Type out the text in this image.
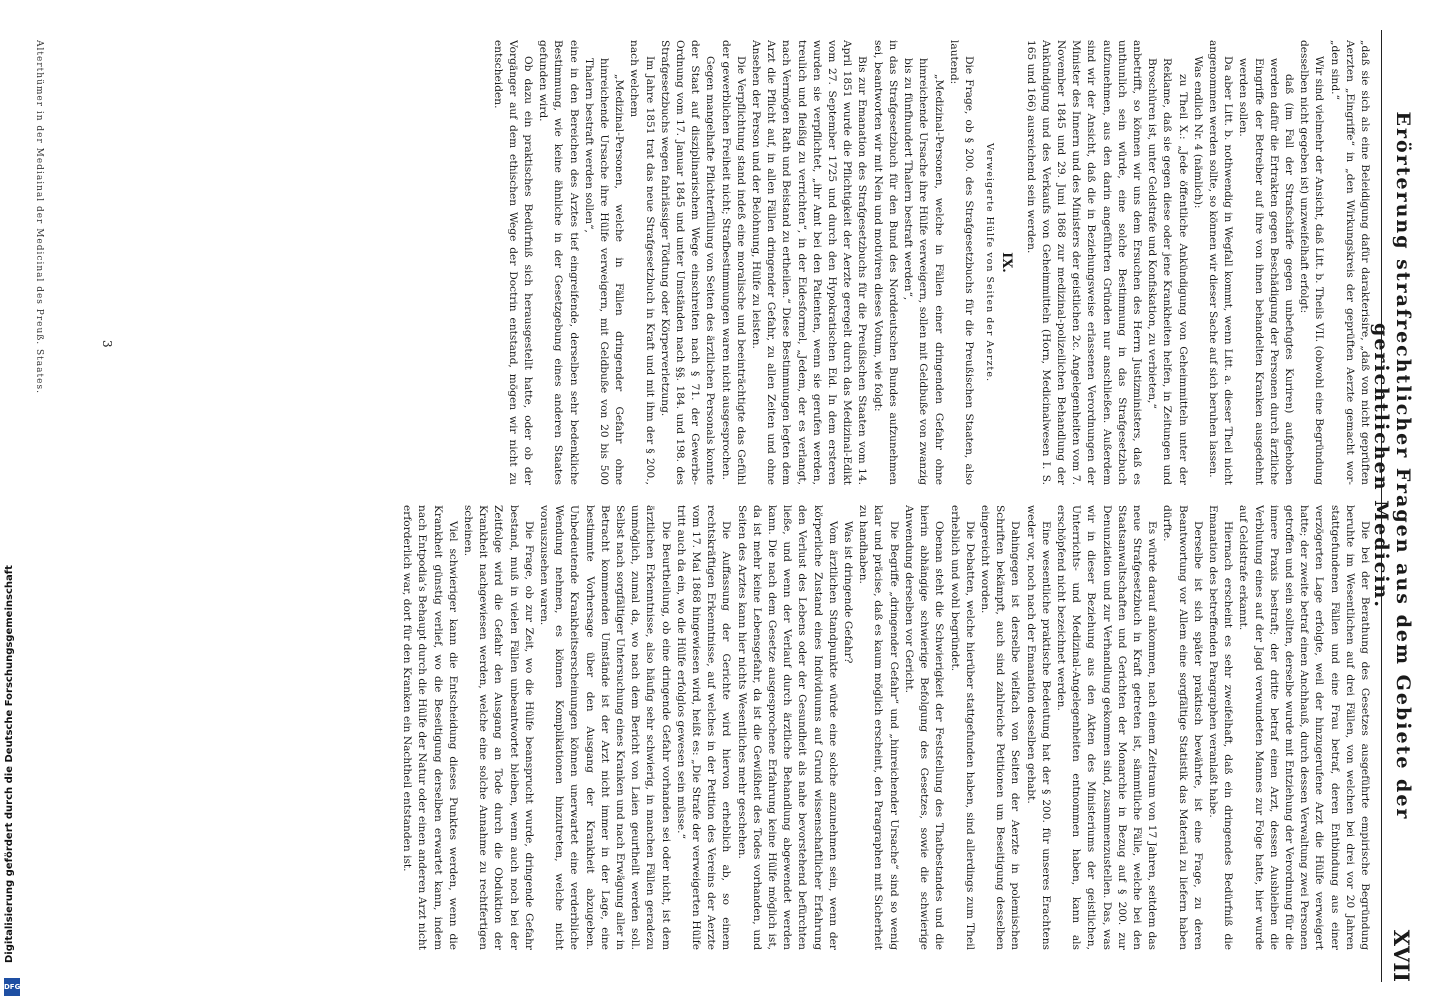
Erörterung strafrechtlicher Fragen aus dem Gebiete der gerichtlichen Medicin.
XVII

„daß sie sich als eine Beleidigung dafür darakterisire, „daß von nicht geprüften Aerzten „Eingriffe“ in „den Wirkungskreis der geprüften Aerzte gemacht wor- „den sind.“

Wir sind vielmehr der Ansicht, daß Litt. b. Theils VII. (obwohl eine Begründung desselben nicht gegeben ist) unzweifelhaft erfolgt:

daß (im Fall der Strafschärfe gegen unbefugtes Kuriren) aufgehoben werden dafür die Ertrakten gegen Beschädigung der Personen durch ärztliche Eingriffe der Betreiber auf ihre von ihnen behandelten Kranken ausgedehnt werden sollen.

Da aber Litt. b. nothwendig in Wegfall kommt, wenn Litt. a. dieser Theil nicht angenommen werden sollte, so können wir dieser Sache auf sich beruhen lassen.

Was endlich Nr. 4 (nämlich):

zu Theil X.: „Jede öffentliche Ankündigung von Geheimmitteln unter der Reklame, daß sie gegen diese oder jene Krankheiten helfen, in Zeitungen und Broschüren ist, unter Geldstrafe und Konfiskation, zu verbieten,“

anbetrifft, so können wir uns dem Ersuchen des Herrn Justizministers, daß es unthunlich sein würde, eine solche Bestimmung in das Strafgesetzbuch aufzunehmen, aus den darin angeführten Gründen nur anschließen. Außerdem sind wir der Ansicht, daß die in Beziehungsweise erlassenen Verordnungen der Minister des Innern und des Ministers der geistlichen 2c. Angelegenheiten vom 7. November 1845 und 29. Juni 1868 zur medizinal-polizeilichen Behandlung der Ankündigung und des Verkaufs von Geheimmitteln (Horn, Medicinalwesen I. S. 165 und 166) ausreichend sein werden.

IX.
Verweigerte Hülfe von Seiten der Aerzte.

Die Frage, ob § 200. des Strafgesetzbuchs für die Preußischen Staaten, also lautend:

„Medizinal-Personen, welche in Fällen einer dringenden Gefahr ohne hinreichende Ursache ihre Hülfe verweigern, sollen mit Geldbuße von zwanzig bis zu fünfhundert Thalern bestraft werden“,

in das Strafgesetzbuch für den Bund des Norddeutschen Bundes aufzunehmen sei, beantworten wir mit Nein und motiviren dieses Votum, wie folgt:

Bis zur Emanation des Strafgesetzbuchs für die Preußischen Staaten vom 14. April 1851 wurde die Pflichtigkeit der Aerzte geregelt durch das Medizinal-Edikt vom 27. September 1725 und durch den Hypokratischen Eid. In dem ersteren wurden sie verpflichtet, „ihr Amt bei den Patienten, wenn sie gerufen werden, treulich und fleißig zu verrichten“, in der Eidesformel, „Jedem, der es verlangt, nach Vermögen Rath und Beistand zu ertheilen.“ Diese Bestimmungen legten dem Arzt die Pflicht auf, in allen Fällen dringender Gefahr, zu allen Zeiten und ohne Ansehen der Person und der Belohnung, Hülfe zu leisten.

Die Verpflichtung stand indeß eine moralische und beeinträchtigte das Gefühl der gewerblichen Freiheit nicht; Strafbestimmungen waren nicht ausgesprochen.

Gegen mangelhafte Pflichterfüllung von Seiten des ärztlichen Personals konnte der Staat auf disziplinarischem Wege einschreiten nach § 71. der Gewerbe-Ordnung vom 17. Januar 1845 und unter Umständen nach §§. 184. und 198. des Strafgesetzbuchs wegen fahrlässiger Tödtung oder Körperverletzung.

Im Jahre 1851 trat das neue Strafgesetzbuch in Kraft und mit ihm der § 200., nach welchem

„Medizinal-Personen, welche in Fällen dringender Gefahr ohne hinreichende Ursache ihre Hülfe verweigern, mit Geldbuße von 20 bis 500 Thalern bestraft werden sollen“,

eine in den Bereichen des Arztes tief eingreifende, derselben sehr bedenkliche Bestimmung, wie keine ähnliche in der Gesetzgebung eines anderen Staates gefunden wird.

Ob dazu ein praktisches Bedürfniß sich herausgestellt hatte, oder ob der Vorgänger auf dem ethischen Wege der Doctrin entstand, mögen wir nicht zu entscheiden.

Die bei der Berathung des Gesetzes ausgeführte empirische Begründung beruhte im Wesentlichen auf drei Fällen, von welchen bei drei vor 20 Jahren stattgefundenen Fällen und eine Frau betraf, deren Entbindung aus einer verzögerten Lage erfolgte, weil der hinzugerufene Arzt die Hülfe verweigert hatte; der zweite betraf einen Anchhauß, durch dessen Verwaltung zwei Personen getroffen und sein sollten, derselbe wurde mit Entziehung der Verordnung für die innere Praxis bestraft; der dritte betraf einen Arzt, dessen Ausbleiben die Verblutung eines auf der Jagd verwundeten Mannes zur Folge hatte, hier wurde auf Geldstrafe erkannt.

Hiernach erscheint es sehr zweifelhaft, daß ein dringendes Bedürfniß die Emanation des betreffenden Paragraphen veranlaßt habe.

Derselbe ist sich später praktisch bewährte, ist eine Frage, zu deren Beantwortung vor Allem eine sorgfältige Statistik das Material zu liefern haben dürfte.

Es würde darauf ankommen, nach einem Zeitraum von 17 Jahren, seitdem das neue Strafgesetzbuch in Kraft getreten ist, sämmtliche Fälle, welche bei den Staatsanwaltschaften und Gerichten der Monarchie in Bezug auf § 200. zur Denunziation und zur Verhandlung gekommen sind, zusammenzustellen. Das, was wir in dieser Beziehung aus den Akten des Ministeriums der geistlichen, Unterrichts- und Medizinal-Angelegenheiten entnommen haben, kann als erschöpfend nicht bezeichnet werden.

Eine wesentliche praktische Bedeutung hat der § 200. für unseres Erachtens weder vor, noch nach der Emanation desselben gehabt.

Dahingegen ist derselbe vielfach von Seiten der Aerzte in polemischen Schriften bekämpft, auch sind zahlreiche Petitionen um Beseitigung desselben eingereicht worden.

Die Debatten, welche hierüber stattgefunden haben, sind allerdings zum Theil erheblich und wohl begründet.

Obenan steht die Schwierigkeit der Feststellung des Thatbestandes und die hierin abhängige schwierige Befolgung des Gesetzes, sowie die schwierige Anwendung derselben vor Gericht.

Die Begriffe „dringender Gefahr“ und „hinreichender Ursache“ sind so wenig klar und präcise, daß es kaum möglich erscheint, den Paragraphen mit Sicherheit zu handhaben.

Was ist dringende Gefahr?

Vom ärztlichen Standpunkte würde eine solche anzunehmen sein, wenn der körperliche Zustand eines Individuums auf Grund wissenschaftlicher Erfahrung den Verlust des Lebens oder der Gesundheit als nahe bevorstehend befürchten ließe, und wenn der Verlauf durch ärztliche Behandlung abgewendet werden kann. Die nach dem Gesetze ausgesprochene Erfahrung keine Hülfe möglich ist, da ist mehr keine Lebensgefahr, da ist die Gewißheit des Todes vorhanden, und Seiten des Arztes kann hier nichts Wesentliches mehr geschehen.

Die Auffassung der Gerichte wird hiervon erheblich ab, so einem rechtskräftigen Erkenntnisse, auf welches in der Petition des Vereins der Aerzte vom 17. Mai 1868 hingewiesen wird, heißt es: „Die Strafe der verweigerten Hülfe tritt auch da ein, wo die Hülfe erfolglos gewesen sein müsse.“

Die Beurtheilung, ob eine dringende Gefahr vorhanden sei oder nicht, ist dem ärztlichen Erkenntnisse, also häufig sehr schwierig, in manchen Fällen geradezu unmöglich, zumal da, wo nach dem Bericht von Laien geurtheilt werden soll. Selbst nach sorgfältiger Untersuchung eines Kranken und nach Erwägung aller in Betracht kommenden Umstände ist der Arzt nicht immer in der Lage, eine bestimmte Vorhersage über den Ausgang der Krankheit abzugeben. Unbedeutende Krankheitserscheinungen können unerwartet eine verderbliche Wendung nehmen, es können Komplikationen hinzutreten, welche nicht vorauszusehen waren.

Die Frage, ob zur Zeit, wo die Hülfe beansprucht wurde, dringende Gefahr bestand, muß in vielen Fällen unbeantwortet bleiben, wenn auch noch bei der Zeitfolge wird die Gefahr den Ausgang an Tode durch die Obduktion der Krankheit nachgewiesen werden, welche eine solche Annahme zu rechtfertigen scheinen.

Viel schwieriger kann die Entscheidung dieses Punktes werden, wenn die Krankheit günstig verlief, wo die Beseitigung derselben erwartet kann, indem nach Entpodia’s Behaupt durch die Hülfe der Natur oder einen anderen Arzt nicht erforderlich war, dort für den Kranken ein Nachtheil entstanden ist.

3
Alterthümer in der Mediainal der Medicinal des Preuß. Staates.
Digitalisierung gefördert durch die Deutsche Forschungsgemeinschaft
DFG
